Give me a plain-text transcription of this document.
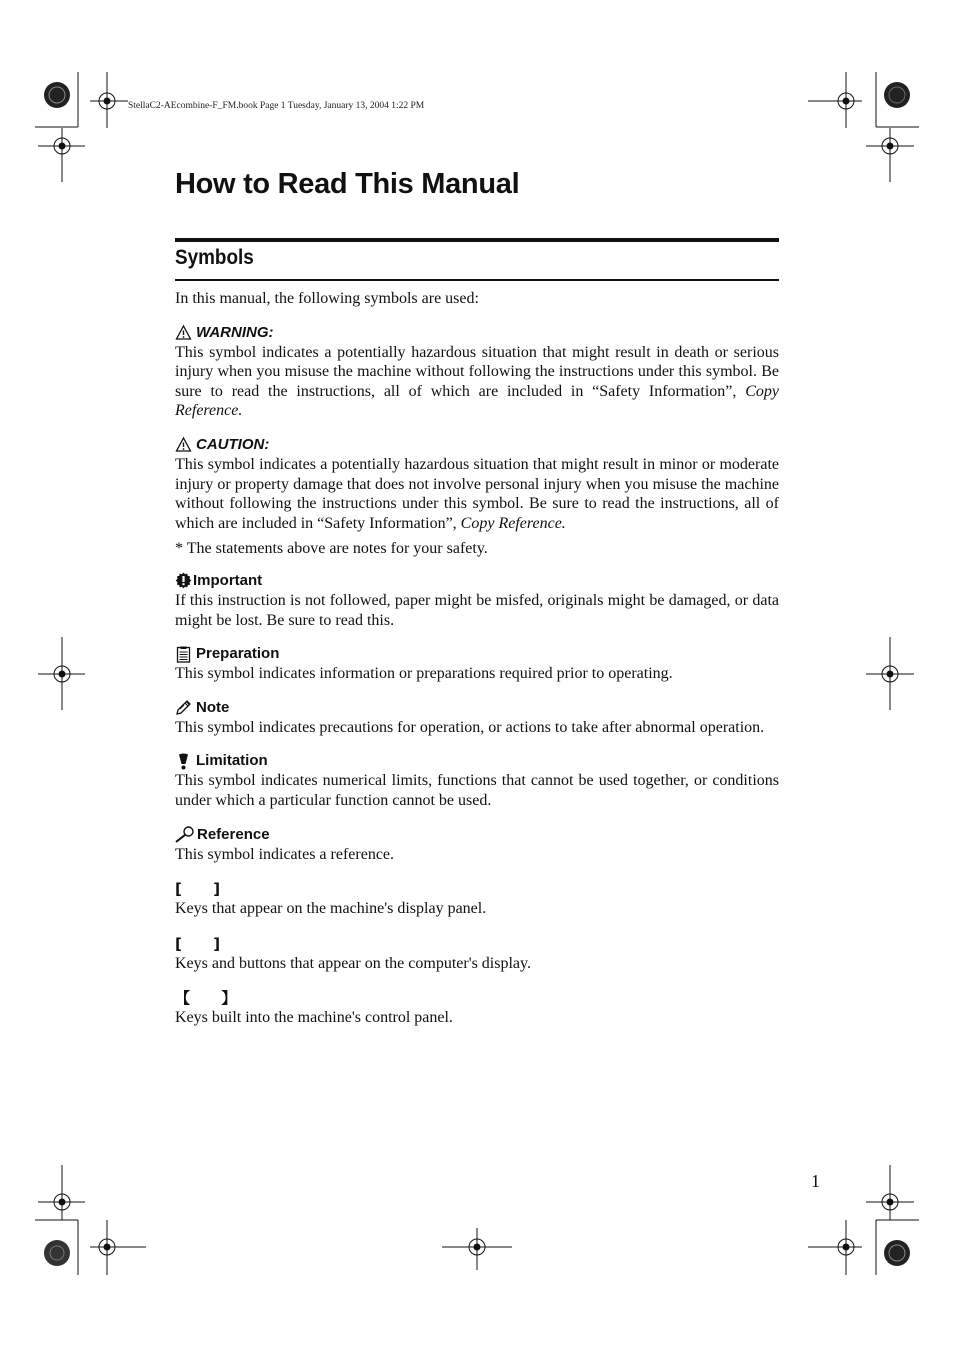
StellaC2-AEcombine-F_FM.book Page 1 Tuesday, January 13, 2004 1:22 PM
How to Read This Manual
Symbols

In this manual, the following symbols are used:

WARNING:

This symbol indicates a potentially hazardous situation that might result in death or serious injury when you misuse the machine without following the instructions under this symbol. Be sure to read the instructions, all of which are included in “Safety Information”, Copy Reference.

CAUTION:

This symbol indicates a potentially hazardous situation that might result in minor or moderate injury or property damage that does not involve personal injury when you misuse the machine without following the instructions under this symbol. Be sure to read the instructions, all of which are included in “Safety Information”, Copy Reference.

* The statements above are notes for your safety.

Important

If this instruction is not followed, paper might be misfed, originals might be damaged, or data might be lost. Be sure to read this.

Preparation

This symbol indicates information or preparations required prior to operating.

Note

This symbol indicates precautions for operation, or actions to take after abnormal operation.

Limitation

This symbol indicates numerical limits, functions that cannot be used together, or conditions under which a particular function cannot be used.

Reference

This symbol indicates a reference.

[      ]

Keys that appear on the machine's display panel.

[      ]

Keys and buttons that appear on the computer's display.

【      】

Keys built into the machine's control panel.

1
